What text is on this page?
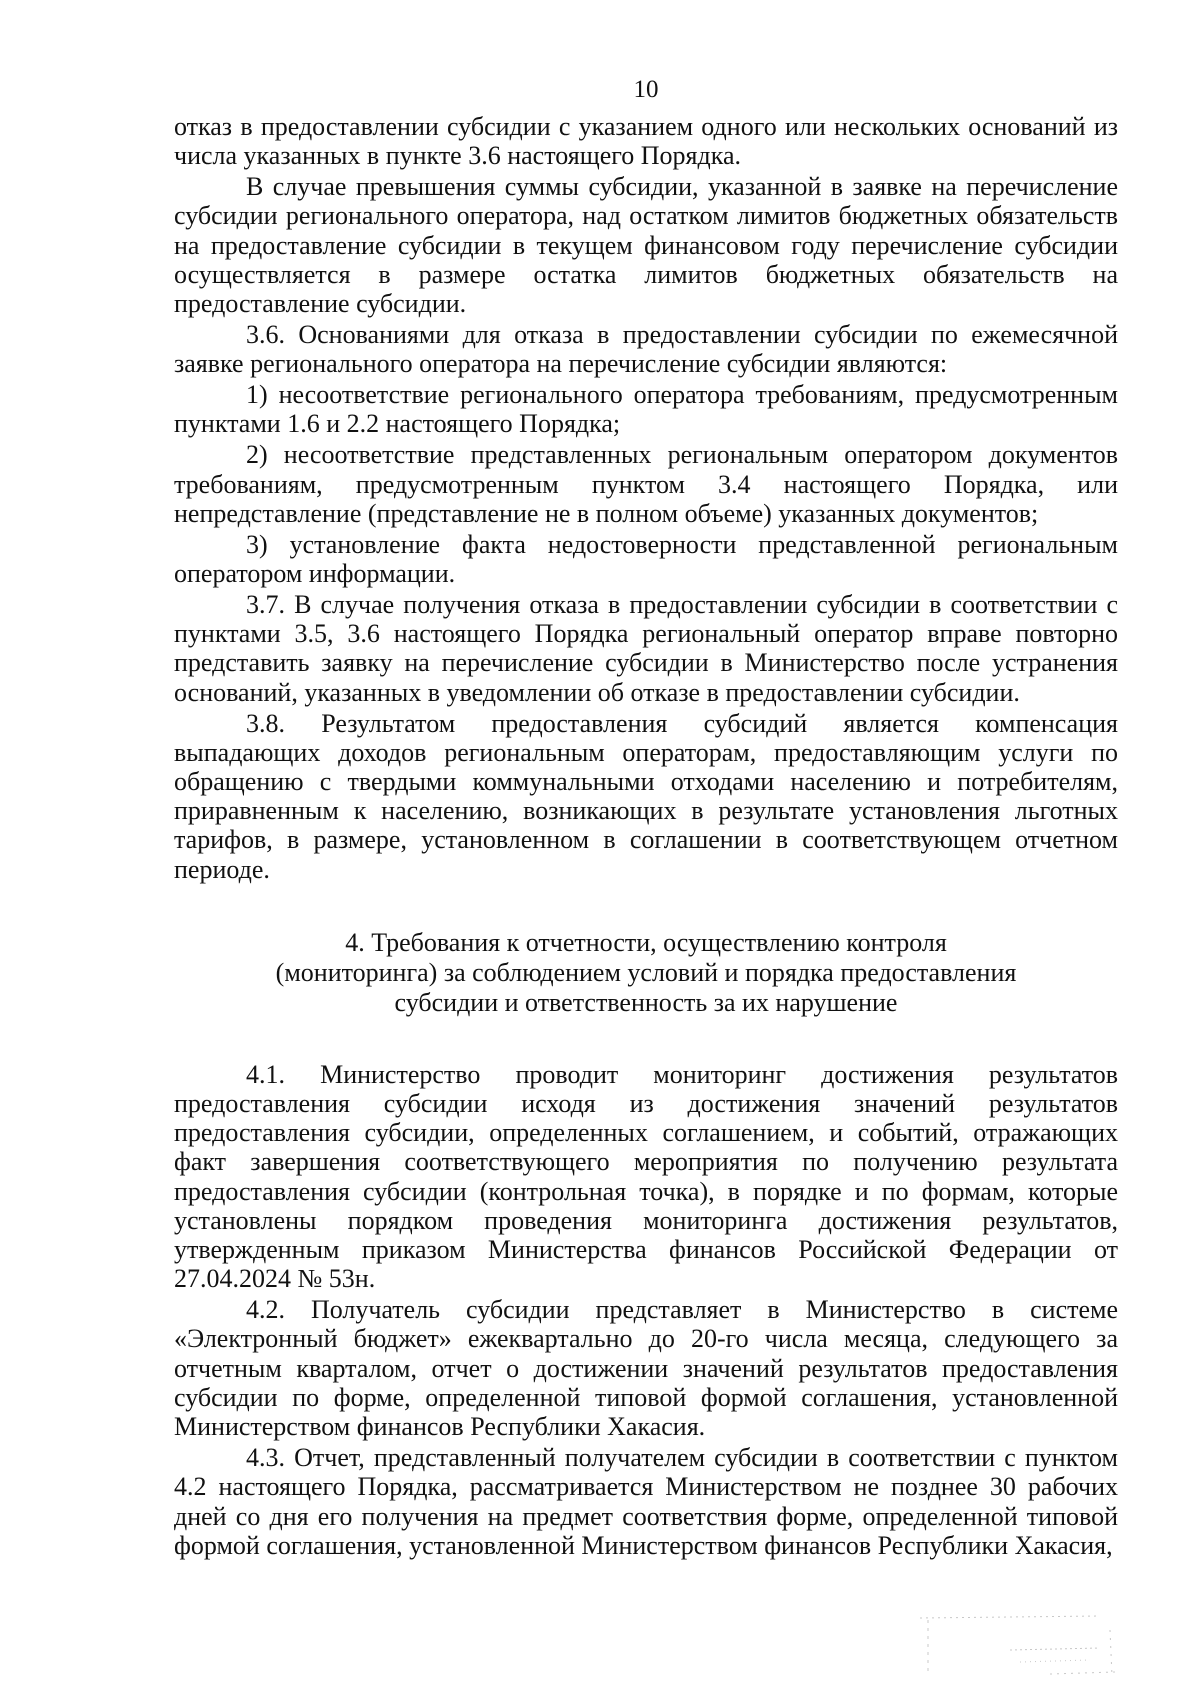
10

отказ в предоставлении субсидии с указанием одного или нескольких оснований из числа указанных в пункте 3.6 настоящего Порядка.

В случае превышения суммы субсидии, указанной в заявке на перечисление субсидии регионального оператора, над остатком лимитов бюджетных обязательств на предоставление субсидии в текущем финансовом году перечисление субсидии осуществляется в размере остатка лимитов бюджетных обязательств на предоставление субсидии.

3.6. Основаниями для отказа в предоставлении субсидии по ежемесячной заявке регионального оператора на перечисление субсидии являются:

1) несоответствие регионального оператора требованиям, предусмотренным пунктами 1.6 и 2.2 настоящего Порядка;

2) несоответствие представленных региональным оператором документов требованиям, предусмотренным пунктом 3.4 настоящего Порядка, или непредставление (представление не в полном объеме) указанных документов;

3) установление факта недостоверности представленной региональным оператором информации.

3.7. В случае получения отказа в предоставлении субсидии в соответствии с пунктами 3.5, 3.6 настоящего Порядка региональный оператор вправе повторно представить заявку на перечисление субсидии в Министерство после устранения оснований, указанных в уведомлении об отказе в предоставлении субсидии.

3.8. Результатом предоставления субсидий является компенсация выпадающих доходов региональным операторам, предоставляющим услуги по обращению с твердыми коммунальными отходами населению и потребителям, приравненным к населению, возникающих в результате установления льготных тарифов, в размере, установленном в соглашении в соответствующем отчетном периоде.

4. Требования к отчетности, осуществлению контроля
(мониторинга) за соблюдением условий и порядка предоставления
субсидии и ответственность за их нарушение

4.1. Министерство проводит мониторинг достижения результатов предоставления субсидии исходя из достижения значений результатов предоставления субсидии, определенных соглашением, и событий, отражающих факт завершения соответствующего мероприятия по получению результата предоставления субсидии (контрольная точка), в порядке и по формам, которые установлены порядком проведения мониторинга достижения результатов, утвержденным приказом Министерства финансов Российской Федерации от 27.04.2024 № 53н.

4.2. Получатель субсидии представляет в Министерство в системе «Электронный бюджет» ежеквартально до 20-го числа месяца, следующего за отчетным кварталом, отчет о достижении значений результатов предоставления субсидии по форме, определенной типовой формой соглашения, установленной Министерством финансов Республики Хакасия.

4.3. Отчет, представленный получателем субсидии в соответствии с пунктом 4.2 настоящего Порядка, рассматривается Министерством не позднее 30 рабочих дней со дня его получения на предмет соответствия форме, определенной типовой формой соглашения, установленной Министерством финансов Республики Хакасия,
